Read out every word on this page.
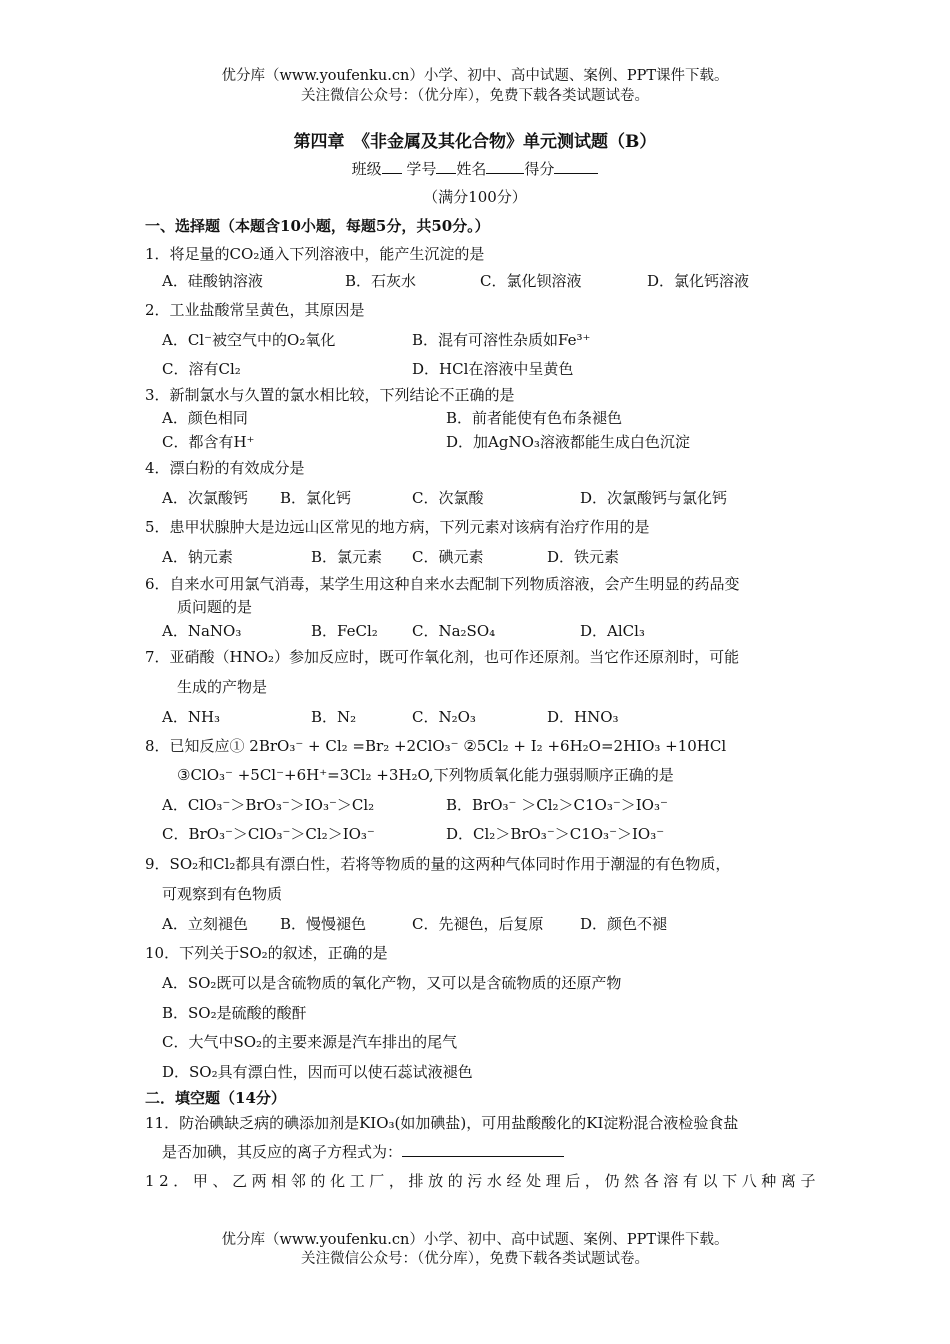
优分库（www.youfenku.cn）小学、初中、高中试题、案例、PPT课件下载。
关注微信公众号：（优分库），免费下载各类试题试卷。
第四章　《非金属及其化合物》单元测试题（B）
班级 学号 姓名	得分
（满分100分）
一、选择题（本题含10小题，每题5分，共50分。）
1．将足量的CO₂通入下列溶液中，能产生沉淀的是
A．硅酸钠溶液	B．石灰水	C．氯化钡溶液	D．氯化钙溶液
2．工业盐酸常呈黄色，其原因是
A．Cl⁻被空气中的O₂氧化	B．混有可溶性杂质如Fe³⁺
C．溶有Cl₂	D．HCl在溶液中呈黄色
3．新制氯水与久置的氯水相比较，下列结论不正确的是
A．颜色相同	B．前者能使有色布条褪色
C．都含有H⁺	D．加AgNO₃溶液都能生成白色沉淀
4．漂白粉的有效成分是
A．次氯酸钙 B．氯化钙	C．次氯酸	D．次氯酸钙与氯化钙
5．患甲状腺肿大是边远山区常见的地方病，下列元素对该病有治疗作用的是
A．钠元素	B．氯元素 C．碘元素	D．铁元素
6．自来水可用氯气消毒，某学生用这种自来水去配制下列物质溶液，会产生明显的药品变
质问题的是
A．NaNO₃	B．FeCl₂ C．Na₂SO₄	D．AlCl₃
7．亚硝酸（HNO₂）参加反应时，既可作氧化剂，也可作还原剂。当它作还原剂时，可能
生成的产物是
A．NH₃	B．N₂	C．N₂O₃	D．HNO₃
8．已知反应① 2BrO₃⁻ + Cl₂ =Br₂ +2ClO₃⁻ ②5Cl₂ + I₂ +6H₂O=2HIO₃ +10HCl
③ClO₃⁻ +5Cl⁻+6H⁺=3Cl₂ +3H₂O,下列物质氧化能力强弱顺序正确的是
A．ClO₃⁻＞BrO₃⁻＞IO₃⁻＞Cl₂	B．BrO₃⁻ ＞Cl₂＞C1O₃⁻＞IO₃⁻
C．BrO₃⁻＞ClO₃⁻＞Cl₂＞IO₃⁻	D．Cl₂＞BrO₃⁻＞C1O₃⁻＞IO₃⁻
9．SO₂和Cl₂都具有漂白性，若将等物质的量的这两种气体同时作用于潮湿的有色物质，
可观察到有色物质
A．立刻褪色 B．慢慢褪色	C．先褪色，后复原 D．颜色不褪
10．下列关于SO₂的叙述，正确的是
A．SO₂既可以是含硫物质的氧化产物，又可以是含硫物质的还原产物
B．SO₂是硫酸的酸酐
C．大气中SO₂的主要来源是汽车排出的尾气
D．SO₂具有漂白性，因而可以使石蕊试液褪色
二．填空题（14分）
11．防治碘缺乏病的碘添加剂是KIO₃(如加碘盐)，可用盐酸酸化的KI淀粉混合液检验食盐
是否加碘，其反应的离子方程式为：
12．甲、乙两相邻的化工厂，排放的污水经处理后，仍然各溶有以下八种离子
优分库（www.youfenku.cn）小学、初中、高中试题、案例、PPT课件下载。
关注微信公众号：（优分库），免费下载各类试题试卷。
